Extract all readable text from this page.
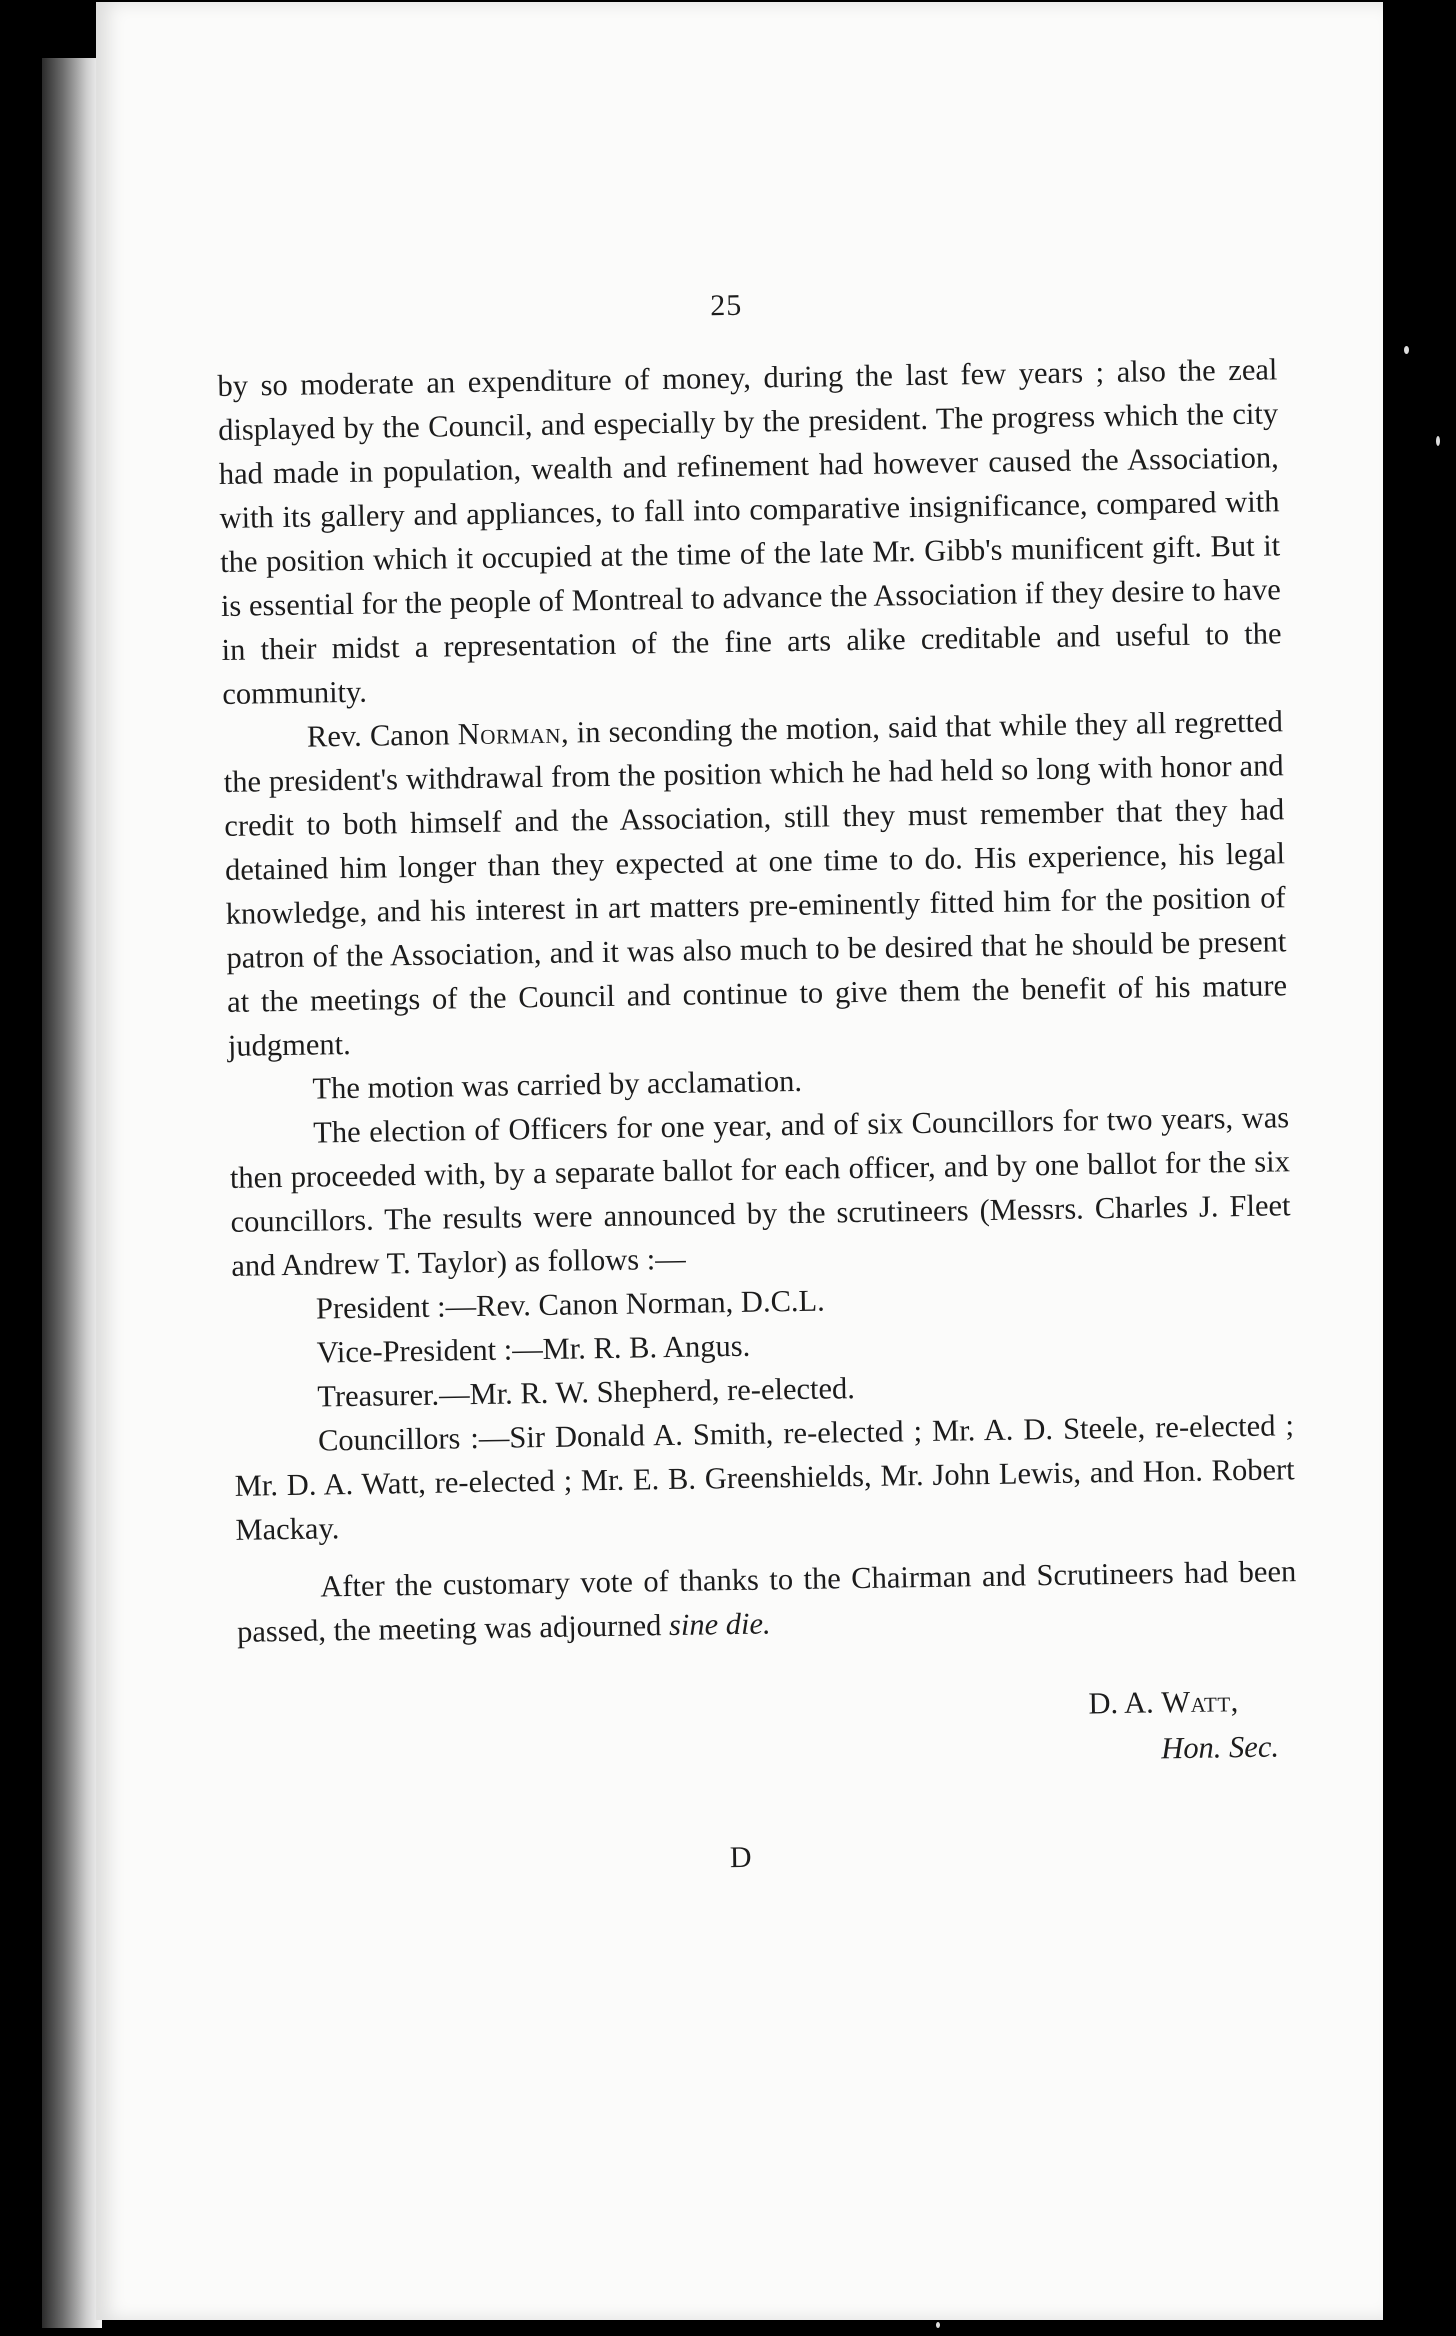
25

by so moderate an expenditure of money, during the last few years ; also the zeal displayed by the Council, and especially by the president. The progress which the city had made in population, wealth and refinement had however caused the Association, with its gallery and appliances, to fall into comparative insignificance, compared with the position which it occupied at the time of the late Mr. Gibb's munificent gift. But it is essential for the people of Montreal to advance the Association if they desire to have in their midst a representation of the fine arts alike creditable and useful to the community.

Rev. Canon Norman, in seconding the motion, said that while they all regretted the president's withdrawal from the position which he had held so long with honor and credit to both himself and the Association, still they must remember that they had detained him longer than they expected at one time to do. His experience, his legal knowledge, and his interest in art matters pre-eminently fitted him for the position of patron of the Association, and it was also much to be desired that he should be present at the meetings of the Council and continue to give them the benefit of his mature judgment.

The motion was carried by acclamation.

The election of Officers for one year, and of six Councillors for two years, was then proceeded with, by a separate ballot for each officer, and by one ballot for the six councillors. The results were announced by the scrutineers (Messrs. Charles J. Fleet and Andrew T. Taylor) as follows :—

President :—Rev. Canon Norman, D.C.L.

Vice-President :—Mr. R. B. Angus.

Treasurer.—Mr. R. W. Shepherd, re-elected.

Councillors :—Sir Donald A. Smith, re-elected ; Mr. A. D. Steele, re-elected ; Mr. D. A. Watt, re-elected ; Mr. E. B. Greenshields, Mr. John Lewis, and Hon. Robert Mackay.

After the customary vote of thanks to the Chairman and Scrutineers had been passed, the meeting was adjourned sine die.

D. A. Watt,
Hon. Sec.
D
